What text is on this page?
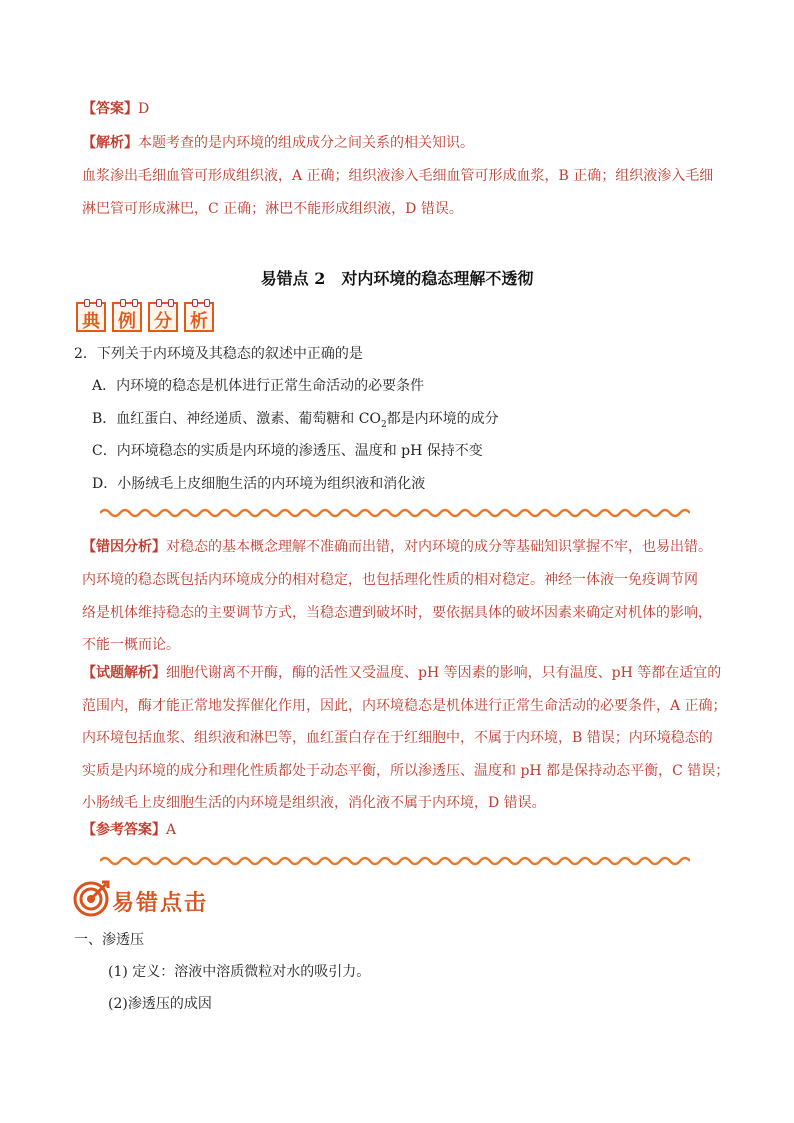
【答案】D
【解析】本题考查的是内环境的组成成分之间关系的相关知识。
血浆渗出毛细血管可形成组织液，A 正确；组织液渗入毛细血管可形成血浆，B 正确；组织液渗入毛细
淋巴管可形成淋巴，C 正确；淋巴不能形成组织液，D 错误。
易错点 2　对内环境的稳态理解不透彻
典 例 分 析
2．下列关于内环境及其稳态的叙述中正确的是
A．内环境的稳态是机体进行正常生命活动的必要条件
B．血红蛋白、神经递质、激素、葡萄糖和 $CO_2$都是内环境的成分
C．内环境稳态的实质是内环境的渗透压、温度和 pH 保持不变
D．小肠绒毛上皮细胞生活的内环境为组织液和消化液
【错因分析】对稳态的基本概念理解不准确而出错，对内环境的成分等基础知识掌握不牢，也易出错。
内环境的稳态既包括内环境成分的相对稳定，也包括理化性质的相对稳定。神经一体液一免疫调节网
络是机体维持稳态的主要调节方式，当稳态遭到破坏时，要依据具体的破坏因素来确定对机体的影响，
不能一概而论。
【试题解析】细胞代谢离不开酶，酶的活性又受温度、pH 等因素的影响，只有温度、pH 等都在适宜的
范围内，酶才能正常地发挥催化作用，因此，内环境稳态是机体进行正常生命活动的必要条件，A 正确；
内环境包括血浆、组织液和淋巴等，血红蛋白存在于红细胞中，不属于内环境，B 错误；内环境稳态的
实质是内环境的成分和理化性质都处于动态平衡，所以渗透压、温度和 pH 都是保持动态平衡，C 错误；
小肠绒毛上皮细胞生活的内环境是组织液，消化液不属于内环境，D 错误。
【参考答案】A
易错点击
一、渗透压
(1) 定义：溶液中溶质微粒对水的吸引力。
(2)渗透压的成因
